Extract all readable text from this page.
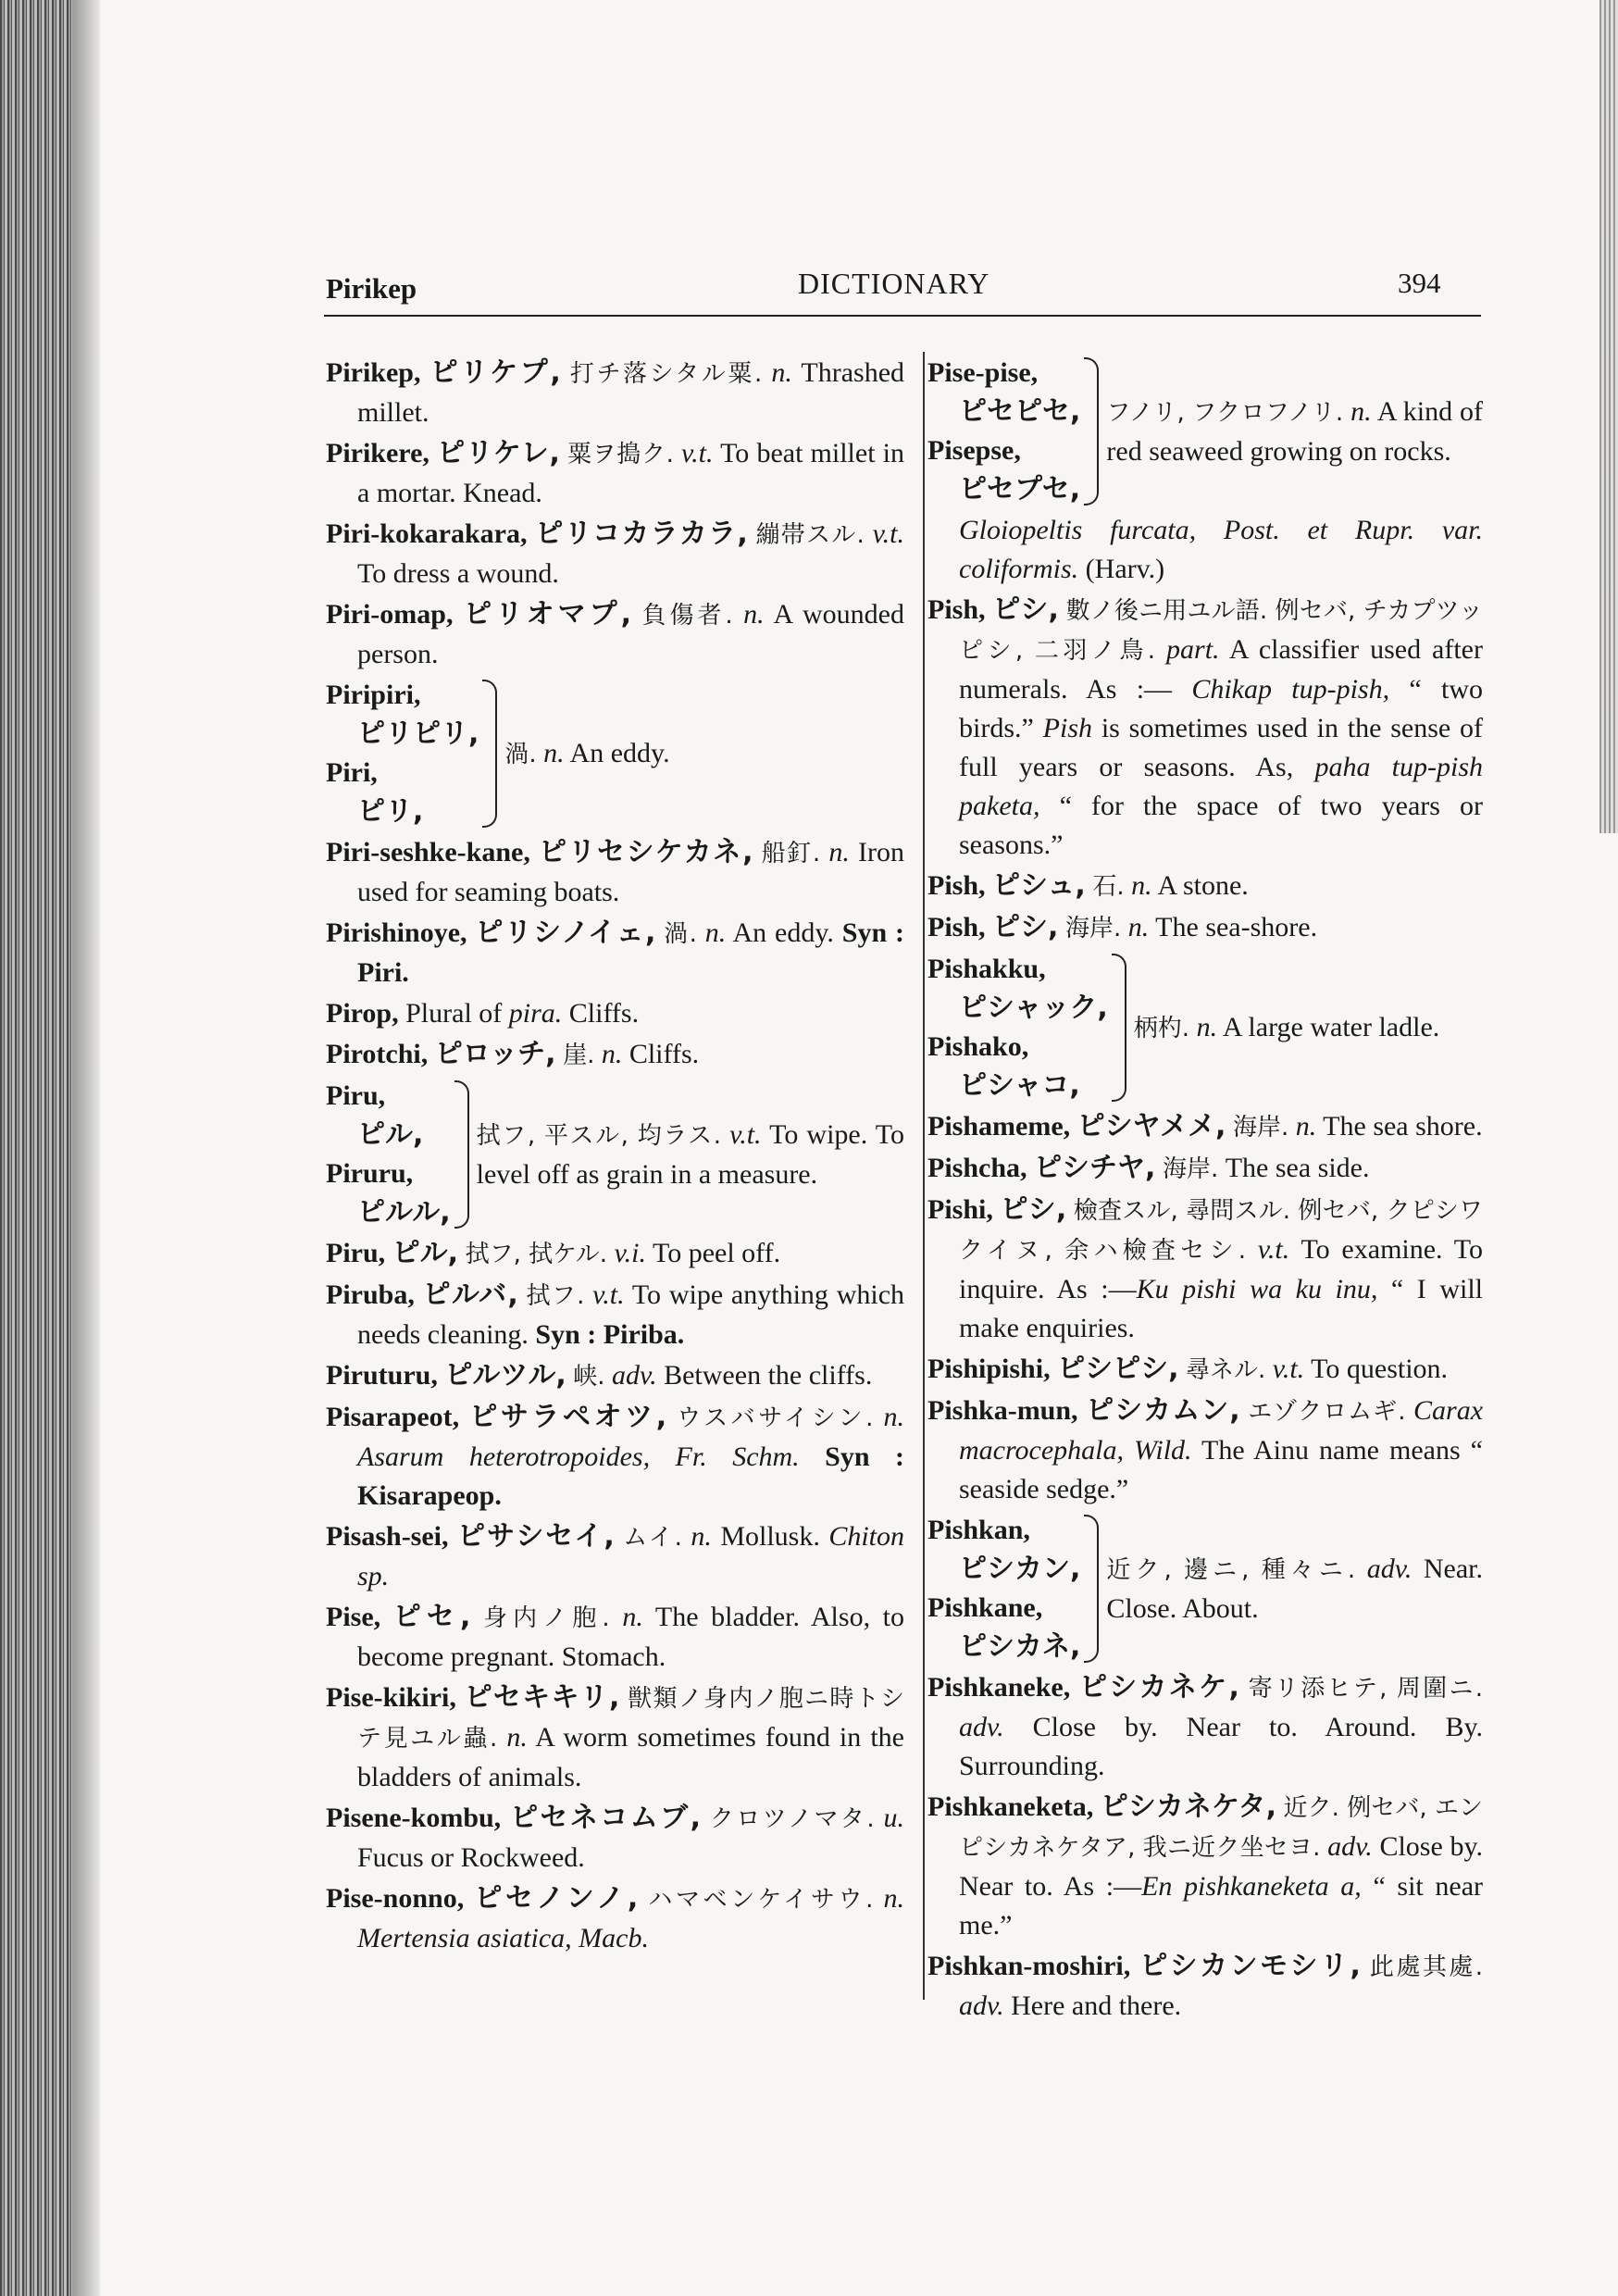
Pirikep	DICTIONARY	394

Pirikep, ピリケプ, 打チ落シタル粟. n. Thrashed millet.

Pirikere, ピリケレ, 粟ヲ搗ク. v.t. To beat millet in a mortar. Knead.

Piri-kokarakara, ピリコカラカラ, 繃帯スル. v.t. To dress a wound.

Piri-omap, ピリオマプ, 負傷者. n. A wounded person.

Piripiri,
ピリピリ,
Piri,
ピリ,
渦. n. An eddy.

Piri-seshke-kane, ピリセシケカネ, 船釘. n. Iron used for seaming boats.

Pirishinoye, ピリシノイェ, 渦. n. An eddy. Syn : Piri.

Pirop, Plural of pira. Cliffs.

Pirotchi, ピロッチ, 崖. n. Cliffs.

Piru,
ピル,
Piruru,
ピルル,
拭フ, 平スル, 均ラス. v.t. To wipe. To level off as grain in a measure.

Piru, ピル, 拭フ, 拭ケル. v.i. To peel off.

Piruba, ピルバ, 拭フ. v.t. To wipe anything which needs cleaning. Syn : Piriba.

Piruturu, ピルツル, 峡. adv. Between the cliffs.

Pisarapeot, ピサラペオツ, ウスバサイシン. n. Asarum heterotropoides, Fr. Schm. Syn : Kisarapeop.

Pisash-sei, ピサシセイ, ムイ. n. Mollusk. Chiton sp.

Pise, ピセ, 身内ノ胞. n. The bladder. Also, to become pregnant. Stomach.

Pise-kikiri, ピセキキリ, 獣類ノ身内ノ胞ニ時トシテ見ユル蟲. n. A worm sometimes found in the bladders of animals.

Pisene-kombu, ピセネコムブ, クロツノマタ. u. Fucus or Rockweed.

Pise-nonno, ピセノンノ, ハマベンケイサウ. n. Mertensia asiatica, Macb.

Pise-pise,
ピセピセ,
Pisepse,
ピセプセ,
フノリ, フクロフノリ. n. A kind of red seaweed growing on rocks.

Gloiopeltis furcata, Post. et Rupr. var. coliformis. (Harv.)

Pish, ピシ, 數ノ後ニ用ユル語. 例セバ, チカプツッピシ, 二羽ノ鳥. part. A classifier used after numerals. As :— Chikap tup-pish, “ two birds.” Pish is sometimes used in the sense of full years or seasons. As, paha tup-pish paketa, “ for the space of two years or seasons.”

Pish, ピシュ, 石. n. A stone.

Pish, ピシ, 海岸. n. The sea-shore.

Pishakku,
ピシャック,
Pishako,
ピシャコ,
柄杓. n. A large water ladle.

Pishameme, ピシヤメメ, 海岸. n. The sea shore.

Pishcha, ピシチヤ, 海岸. The sea side.

Pishi, ピシ, 檢査スル, 尋問スル. 例セバ, クピシワクイヌ, 余ハ檢査セシ. v.t. To examine. To inquire. As :—Ku pishi wa ku inu, “ I will make enquiries.

Pishipishi, ピシピシ, 尋ネル. v.t. To question.

Pishka-mun, ピシカムン, エゾクロムギ. Carax macrocephala, Wild. The Ainu name means “ seaside sedge.”

Pishkan,
ピシカン,
Pishkane,
ピシカネ,
近ク, 邊ニ, 種々ニ. adv. Near. Close. About.

Pishkaneke, ピシカネケ, 寄リ添ヒテ, 周圍ニ. adv. Close by. Near to. Around. By. Surrounding.

Pishkaneketa, ピシカネケタ, 近ク. 例セバ, エンピシカネケタア, 我ニ近ク坐セヨ. adv. Close by. Near to. As :—En pishkaneketa a, “ sit near me.”

Pishkan-moshiri, ピシカンモシリ, 此處其處. adv. Here and there.
